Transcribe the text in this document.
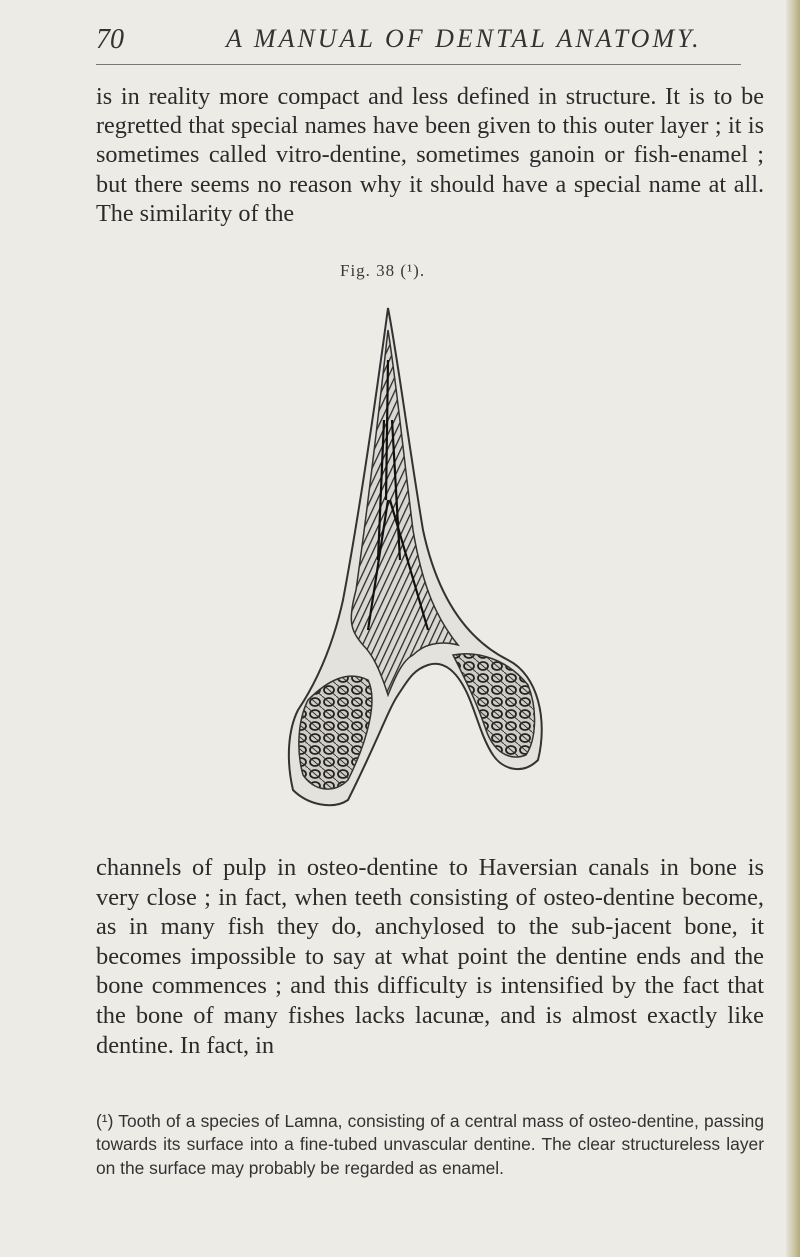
70	A MANUAL OF DENTAL ANATOMY.

is in reality more compact and less defined in structure. It is to be regretted that special names have been given to this outer layer ; it is sometimes called vitro-dentine, sometimes ganoin or fish-enamel ; but there seems no reason why it should have a special name at all. The similarity of the

Fig. 38 (¹).

channels of pulp in osteo-dentine to Haversian canals in bone is very close ; in fact, when teeth consisting of osteo-dentine become, as in many fish they do, anchylosed to the sub-jacent bone, it becomes impossible to say at what point the dentine ends and the bone commences ; and this difficulty is intensified by the fact that the bone of many fishes lacks lacunæ, and is almost exactly like dentine. In fact, in

(¹) Tooth of a species of Lamna, consisting of a central mass of osteo-dentine, passing towards its surface into a fine-tubed unvascular dentine. The clear structureless layer on the surface may probably be regarded as enamel.
